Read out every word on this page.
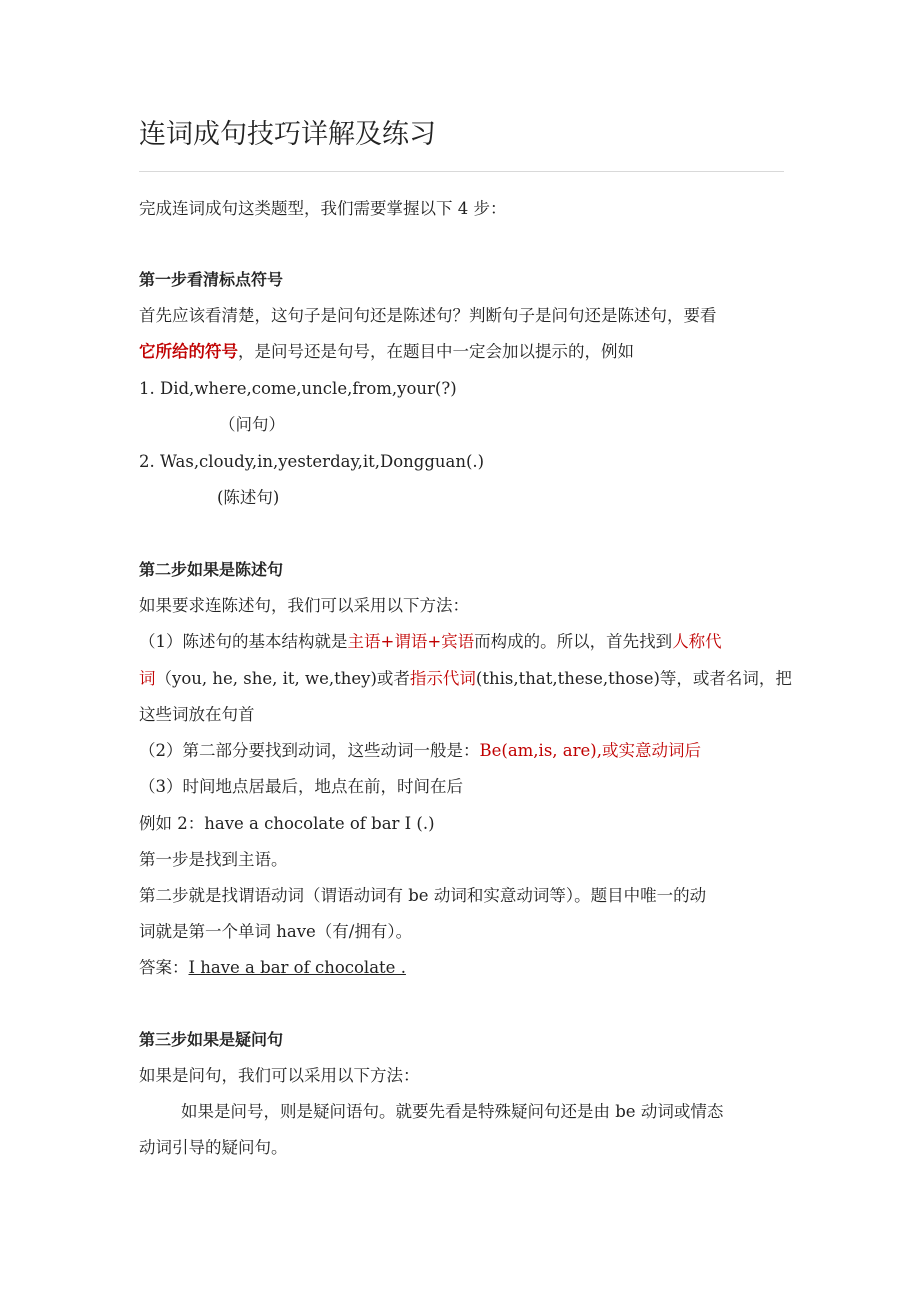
连词成句技巧详解及练习
完成连词成句这类题型，我们需要掌握以下 4 步：
第一步看清标点符号
首先应该看清楚，这句子是问句还是陈述句？判断句子是问句还是陈述句，要看
它所给的符号，是问号还是句号，在题目中一定会加以提示的，例如
1. Did,where,come,uncle,from,your(?)
（问句）
2. Was,cloudy,in,yesterday,it,Dongguan(.)
(陈述句)
第二步如果是陈述句
如果要求连陈述句，我们可以采用以下方法：
（1）陈述句的基本结构就是主语+谓语+宾语而构成的。所以，首先找到人称代
词（you, he, she, it, we,they)或者指示代词(this,that,these,those)等，或者名词，把
这些词放在句首
（2）第二部分要找到动词，这些动词一般是：Be(am,is, are),或实意动词后
（3）时间地点居最后，地点在前，时间在后
例如 2：have a chocolate of bar I (.)
第一步是找到主语。
第二步就是找谓语动词（谓语动词有 be 动词和实意动词等）。题目中唯一的动
词就是第一个单词 have（有/拥有）。
答案：I have a bar of chocolate .
第三步如果是疑问句
如果是问句，我们可以采用以下方法：
如果是问号，则是疑问语句。就要先看是特殊疑问句还是由 be 动词或情态
动词引导的疑问句。
